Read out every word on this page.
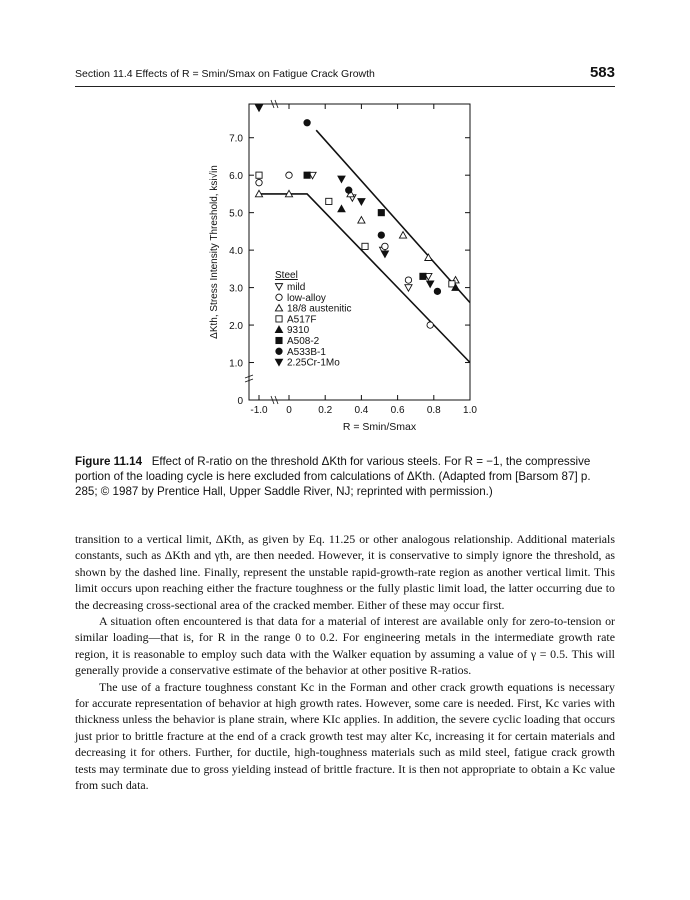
Section 11.4 Effects of R = Smin/Smax on Fatigue Crack Growth	583
-1.0 0	0.2 0.4 0.6 0.8 1.0
0
1.0
2.0
3.0
4.0
5.0
6.0
7.0
R = Smin/Smax
ΔKth, Stress Intensity Threshold, ksi√in	Steel
mild
low-alloy
18/8 austenitic
A517F
9310
A508-2
A533B-1
2.25Cr-1Mo
Figure 11.14 Effect of R-ratio on the threshold ΔKth for various steels. For R = −1, the compressive portion of the loading cycle is here excluded from calculations of ΔKth. (Adapted from [Barsom 87] p. 285; © 1987 by Prentice Hall, Upper Saddle River, NJ; reprinted with permission.)

transition to a vertical limit, ΔKth, as given by Eq. 11.25 or other analogous relationship. Additional materials constants, such as ΔKth and γth, are then needed. However, it is conservative to simply ignore the threshold, as shown by the dashed line. Finally, represent the unstable rapid-growth-rate region as another vertical limit. This limit occurs upon reaching either the fracture toughness or the fully plastic limit load, the latter occurring due to the decreasing cross-sectional area of the cracked member. Either of these may occur first.

A situation often encountered is that data for a material of interest are available only for zero-to-tension or similar loading—that is, for R in the range 0 to 0.2. For engineering metals in the intermediate growth rate region, it is reasonable to employ such data with the Walker equation by assuming a value of γ = 0.5. This will generally provide a conservative estimate of the behavior at other positive R-ratios.

The use of a fracture toughness constant Kc in the Forman and other crack growth equations is necessary for accurate representation of behavior at high growth rates. However, some care is needed. First, Kc varies with thickness unless the behavior is plane strain, where KIc applies. In addition, the severe cyclic loading that occurs just prior to brittle fracture at the end of a crack growth test may alter Kc, increasing it for certain materials and decreasing it for others. Further, for ductile, high-toughness materials such as mild steel, fatigue crack growth tests may terminate due to gross yielding instead of brittle fracture. It is then not appropriate to obtain a Kc value from such data.
